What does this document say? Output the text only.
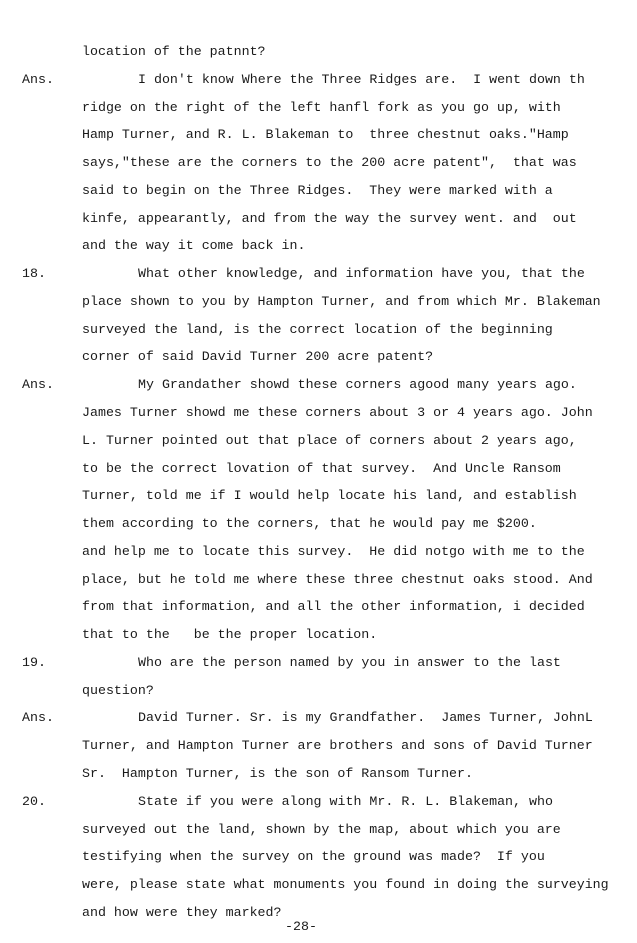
location of the patnnt?
Ans.	I don't know Where the Three Ridges are.  I went down th
ridge on the right of the left hanfl fork as you go up, with
Hamp Turner, and R. L. Blakeman to  three chestnut oaks."Hamp
says,"these are the corners to the 200 acre patent",  that was
said to begin on the Three Ridges.  They were marked with a
kinfe, appearantly, and from the way the survey went. and  out
and the way it come back in.
18.	What other knowledge, and information have you, that the
place shown to you by Hampton Turner, and from which Mr. Blakeman
surveyed the land, is the correct location of the beginning
corner of said David Turner 200 acre patent?
Ans.	My Grandather showd these corners agood many years ago.
James Turner showd me these corners about 3 or 4 years ago. John
L. Turner pointed out that place of corners about 2 years ago,
to be the correct lovation of that survey.  And Uncle Ransom
Turner, told me if I would help locate his land, and establish
them according to the corners, that he would pay me $200.
and help me to locate this survey.  He did notgo with me to the
place, but he told me where these three chestnut oaks stood. And
from that information, and all the other information, i decided
that to the   be the proper location.
19.	Who are the person named by you in answer to the last
question?
Ans.	David Turner. Sr. is my Grandfather.  James Turner, JohnL
Turner, and Hampton Turner are brothers and sons of David Turner
Sr.  Hampton Turner, is the son of Ransom Turner.
20.	State if you were along with Mr. R. L. Blakeman, who
surveyed out the land, shown by the map, about which you are
testifying when the survey on the ground was made?  If you
were, please state what monuments you found in doing the surveying
and how were they marked?
-28-
